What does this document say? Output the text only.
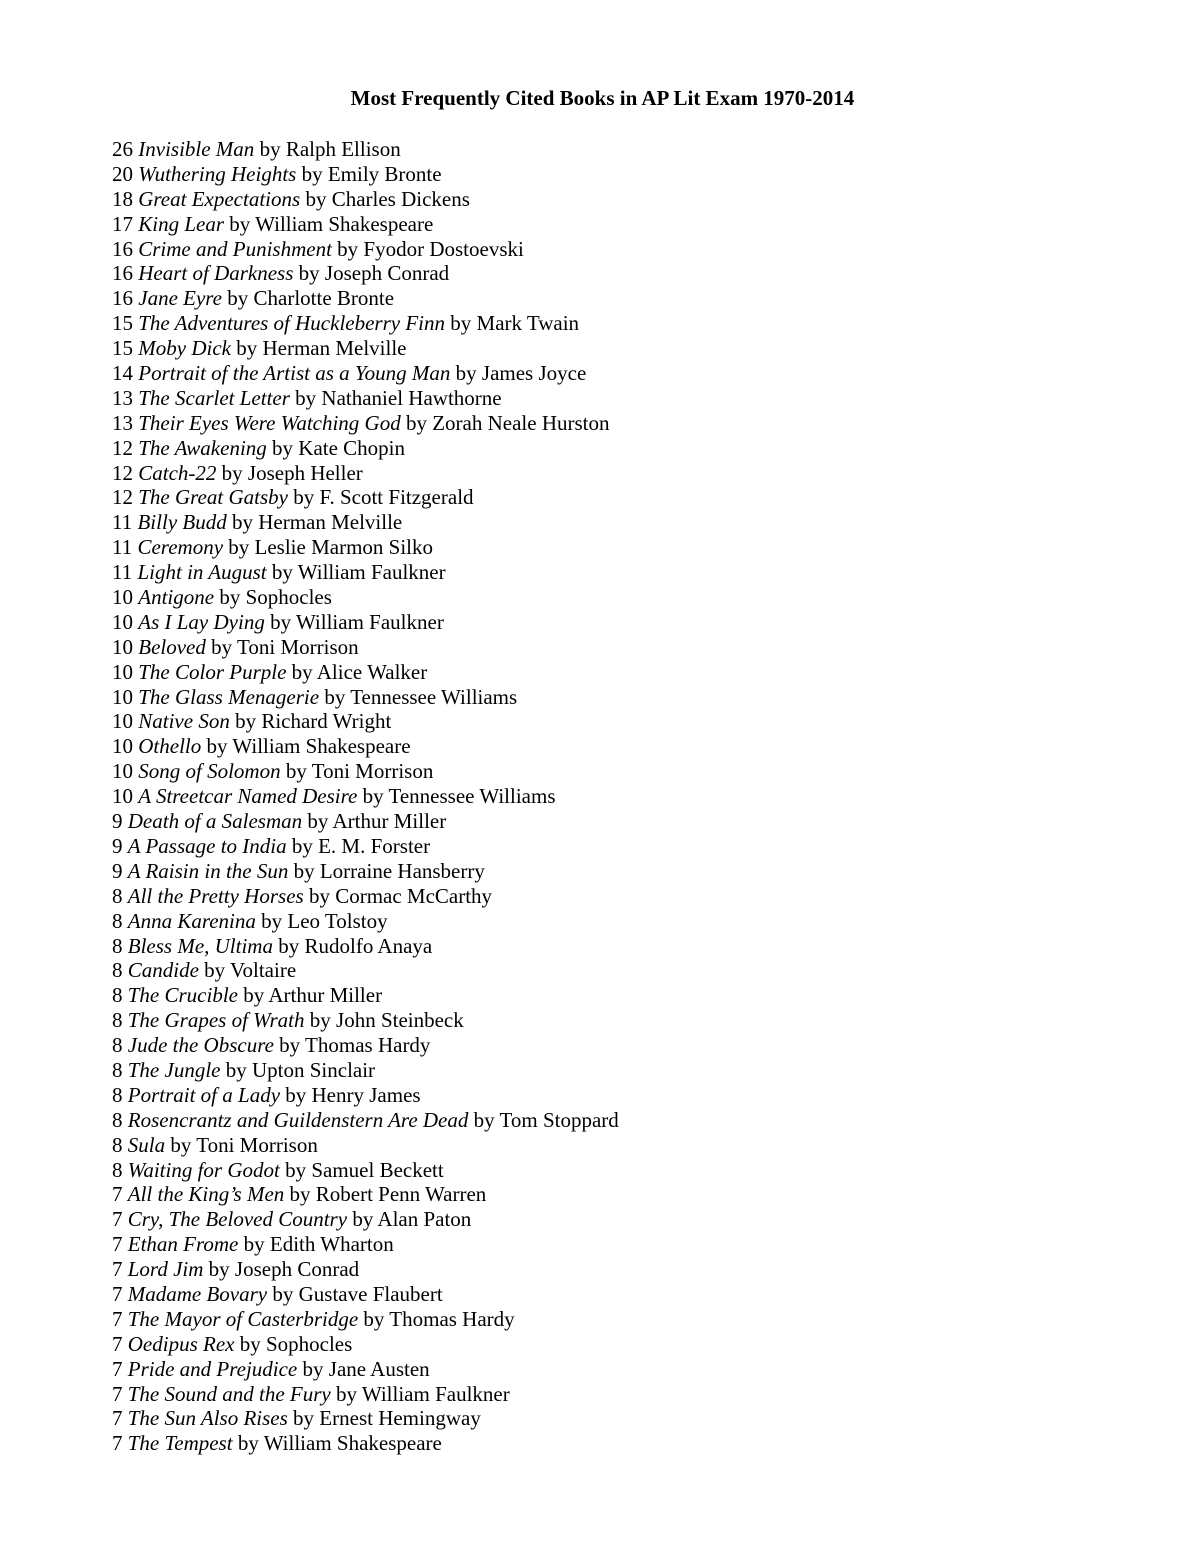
Most Frequently Cited Books in AP Lit Exam 1970-2014
26 Invisible Man by Ralph Ellison
20 Wuthering Heights by Emily Bronte
18 Great Expectations by Charles Dickens
17 King Lear by William Shakespeare
16 Crime and Punishment by Fyodor Dostoevski
16 Heart of Darkness by Joseph Conrad
16 Jane Eyre by Charlotte Bronte
15 The Adventures of Huckleberry Finn by Mark Twain
15 Moby Dick by Herman Melville
14 Portrait of the Artist as a Young Man by James Joyce
13 The Scarlet Letter by Nathaniel Hawthorne
13 Their Eyes Were Watching God by Zorah Neale Hurston
12 The Awakening by Kate Chopin
12 Catch-22 by Joseph Heller
12 The Great Gatsby by F. Scott Fitzgerald
11 Billy Budd by Herman Melville
11 Ceremony by Leslie Marmon Silko
11 Light in August by William Faulkner
10 Antigone by Sophocles
10 As I Lay Dying by William Faulkner
10 Beloved by Toni Morrison
10 The Color Purple by Alice Walker
10 The Glass Menagerie by Tennessee Williams
10 Native Son by Richard Wright
10 Othello by William Shakespeare
10 Song of Solomon by Toni Morrison
10 A Streetcar Named Desire by Tennessee Williams
9 Death of a Salesman by Arthur Miller
9 A Passage to India by E. M. Forster
9 A Raisin in the Sun by Lorraine Hansberry
8 All the Pretty Horses by Cormac McCarthy
8 Anna Karenina by Leo Tolstoy
8 Bless Me, Ultima by Rudolfo Anaya
8 Candide by Voltaire
8 The Crucible by Arthur Miller
8 The Grapes of Wrath by John Steinbeck
8 Jude the Obscure by Thomas Hardy
8 The Jungle by Upton Sinclair
8 Portrait of a Lady by Henry James
8 Rosencrantz and Guildenstern Are Dead by Tom Stoppard
8 Sula by Toni Morrison
8 Waiting for Godot by Samuel Beckett
7 All the King’s Men by Robert Penn Warren
7 Cry, The Beloved Country by Alan Paton
7 Ethan Frome by Edith Wharton
7 Lord Jim by Joseph Conrad
7 Madame Bovary by Gustave Flaubert
7 The Mayor of Casterbridge by Thomas Hardy
7 Oedipus Rex by Sophocles
7 Pride and Prejudice by Jane Austen
7 The Sound and the Fury by William Faulkner
7 The Sun Also Rises by Ernest Hemingway
7 The Tempest by William Shakespeare
